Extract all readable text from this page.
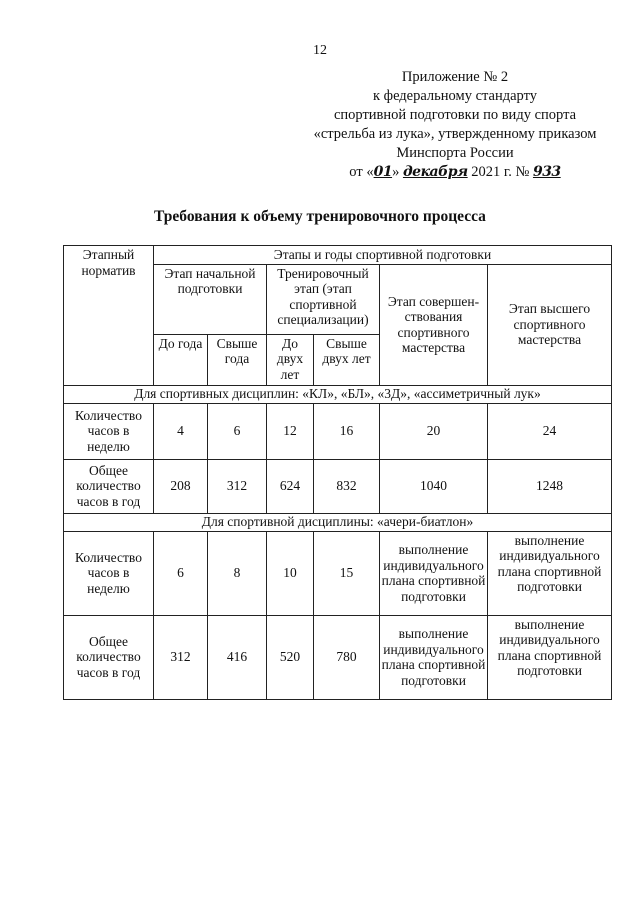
12
Приложение № 2
к федеральному стандарту
спортивной подготовки по виду спорта
«стрельба из лука», утвержденному приказом
Минспорта России
от «01» декабря 2021 г. № 933
Требования к объему тренировочного процесса
Этапный норматив	Этапы и годы спортивной подготовки					
	Этап начальной подготовки		Тренировочный этап (этап спортивной специализации)		Этап совершен-ствования спортивного мастерства	Этап высшего спортивного мастерства
	До года	Свыше года	До двух лет	Свыше двух лет		
Для спортивных дисциплин: «КЛ», «БЛ», «3Д», «ассиметричный лук»						
Количество часов в неделю	4	6	12	16	20	24
Общее количество часов в год	208	312	624	832	1040	1248
Для спортивной дисциплины: «ачери-биатлон»						
Количество часов в неделю	6	8	10	15	выполнение индивидуального плана спортивной подготовки	выполнение индивидуального плана спортивной подготовки
Общее количество часов в год	312	416	520	780	выполнение индивидуального плана спортивной подготовки	выполнение индивидуального плана спортивной подготовки
